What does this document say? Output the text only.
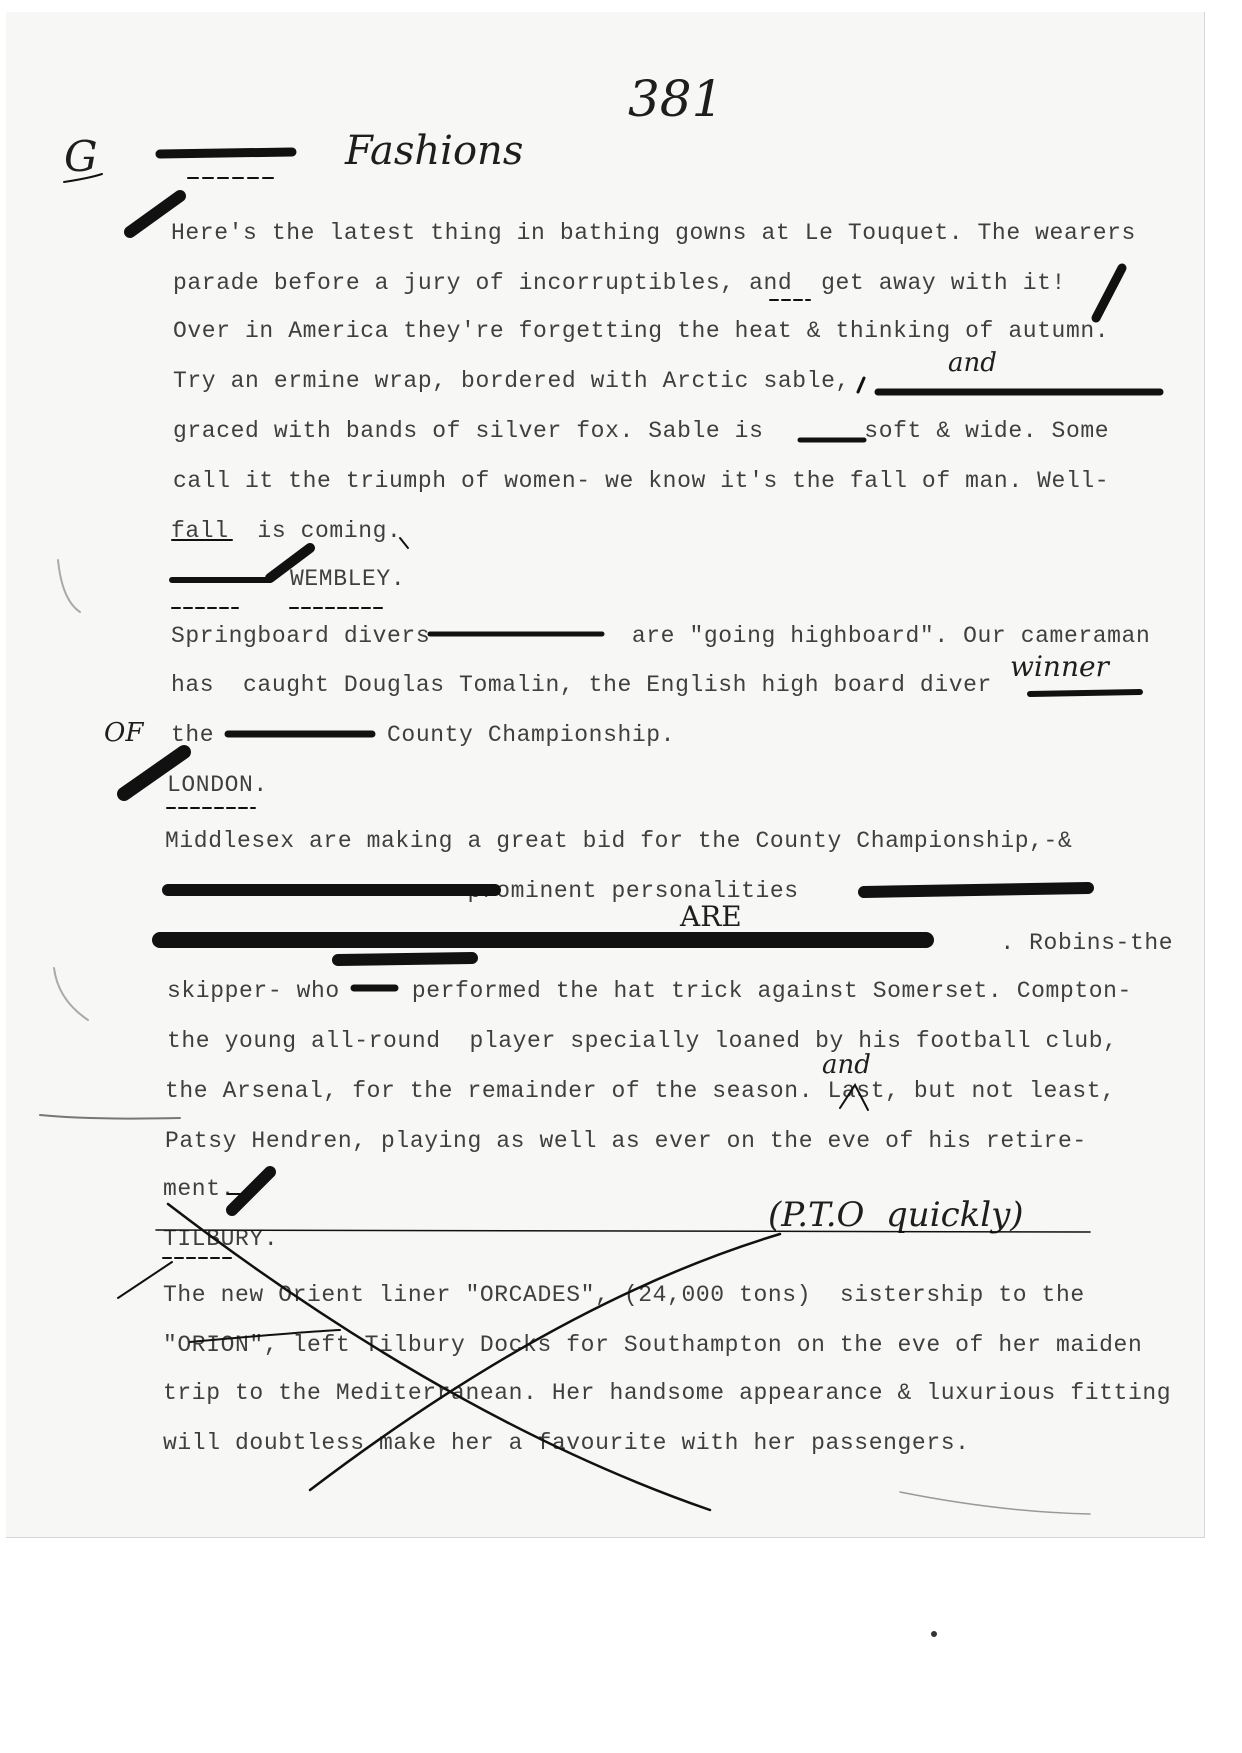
381
G	Fashions
Here's the latest thing in bathing gowns at Le Touquet. The wearers
parade before a jury of incorruptibles, and  get away with it!
Over in America they're forgetting the heat & thinking of autumn.
Try an ermine wrap, bordered with Arctic sable,
graced with bands of silver fox. Sable is       soft & wide. Some
call it the triumph of women- we know it's the fall of man. Well-
fall  is coming.
and
WEMBLEY.
Springboard divers              are "going highboard". Our cameraman
has  caught Douglas Tomalin, the English high board diver
the            County Championship.
winner
OF
LONDON.
Middlesex are making a great bid for the County Championship,-&
prominent personalities
. Robins-the
skipper- who     performed the hat trick against Somerset. Compton-
the young all-round  player specially loaned by his football club,
the Arsenal, for the remainder of the season. Last, but not least,
Patsy Hendren, playing as well as ever on the eve of his retire-
ment.
ARE
and
(P.T.O  quickly)
TILBURY.
The new Orient liner "ORCADES", (24,000 tons)  sistership to the
"ORION", left Tilbury Docks for Southampton on the eve of her maiden
trip to the Mediterranean. Her handsome appearance & luxurious fitting
will doubtless make her a favourite with her passengers.
